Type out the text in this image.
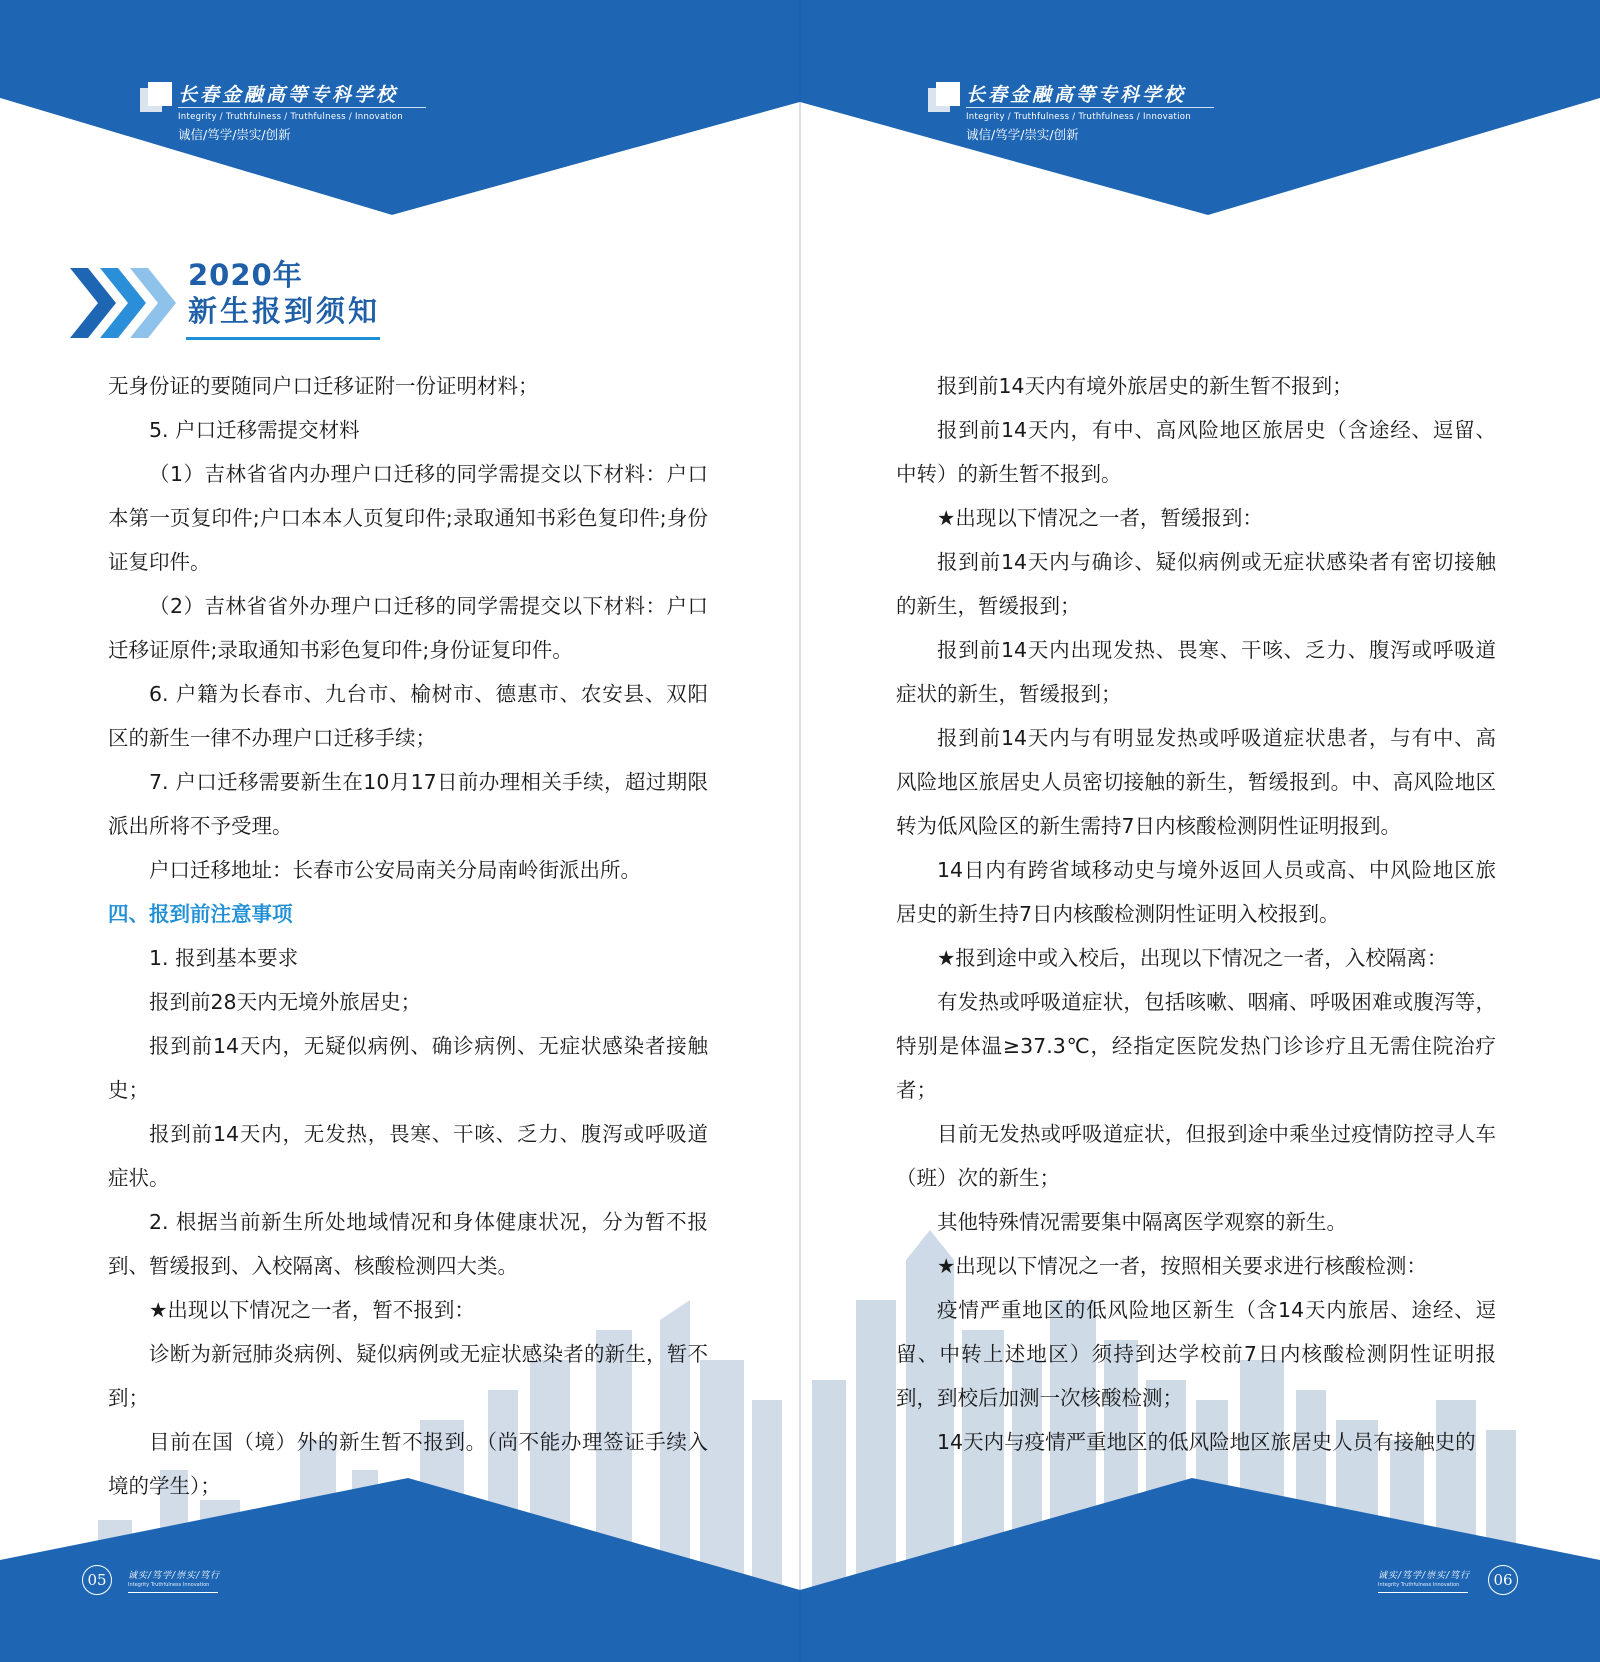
长春金融高等专科学校
Integrity / Truthfulness / Truthfulness / Innovation
诚信/笃学/崇实/创新
2020年
新生报到须知

无身份证的要随同户口迁移证附一份证明材料；

5. 户口迁移需提交材料

（1）吉林省省内办理户口迁移的同学需提交以下材料：户口本第一页复印件;户口本本人页复印件;录取通知书彩色复印件;身份证复印件。

（2）吉林省省外办理户口迁移的同学需提交以下材料：户口迁移证原件;录取通知书彩色复印件;身份证复印件。

6. 户籍为长春市、九台市、榆树市、德惠市、农安县、双阳区的新生一律不办理户口迁移手续；

7. 户口迁移需要新生在10月17日前办理相关手续，超过期限派出所将不予受理。

户口迁移地址：长春市公安局南关分局南岭街派出所。

四、报到前注意事项

1. 报到基本要求

报到前28天内无境外旅居史；

报到前14天内，无疑似病例、确诊病例、无症状感染者接触史；

报到前14天内，无发热，畏寒、干咳、乏力、腹泻或呼吸道症状。

2. 根据当前新生所处地域情况和身体健康状况，分为暂不报到、暂缓报到、入校隔离、核酸检测四大类。

★出现以下情况之一者，暂不报到：

诊断为新冠肺炎病例、疑似病例或无症状感染者的新生，暂不到；

目前在国（境）外的新生暂不报到。（尚不能办理签证手续入境的学生）；

05	诚实/笃学/崇实/笃行
Integrity Truthfulness Innovation
长春金融高等专科学校
Integrity / Truthfulness / Truthfulness / Innovation
诚信/笃学/崇实/创新

报到前14天内有境外旅居史的新生暂不报到；

报到前14天内，有中、高风险地区旅居史（含途经、逗留、中转）的新生暂不报到。

★出现以下情况之一者，暂缓报到：

报到前14天内与确诊、疑似病例或无症状感染者有密切接触的新生，暂缓报到；

报到前14天内出现发热、畏寒、干咳、乏力、腹泻或呼吸道症状的新生，暂缓报到；

报到前14天内与有明显发热或呼吸道症状患者，与有中、高风险地区旅居史人员密切接触的新生，暂缓报到。中、高风险地区转为低风险区的新生需持7日内核酸检测阴性证明报到。

14日内有跨省域移动史与境外返回人员或高、中风险地区旅居史的新生持7日内核酸检测阴性证明入校报到。

★报到途中或入校后，出现以下情况之一者，入校隔离：

有发热或呼吸道症状，包括咳嗽、咽痛、呼吸困难或腹泻等，特别是体温≥37.3℃，经指定医院发热门诊诊疗且无需住院治疗者；

目前无发热或呼吸道症状，但报到途中乘坐过疫情防控寻人车（班）次的新生；

其他特殊情况需要集中隔离医学观察的新生。

★出现以下情况之一者，按照相关要求进行核酸检测：

疫情严重地区的低风险地区新生（含14天内旅居、途经、逗留、中转上述地区）须持到达学校前7日内核酸检测阴性证明报到，到校后加测一次核酸检测；

14天内与疫情严重地区的低风险地区旅居史人员有接触史的

诚实/笃学/崇实/笃行
Integrity Truthfulness Innovation	06
